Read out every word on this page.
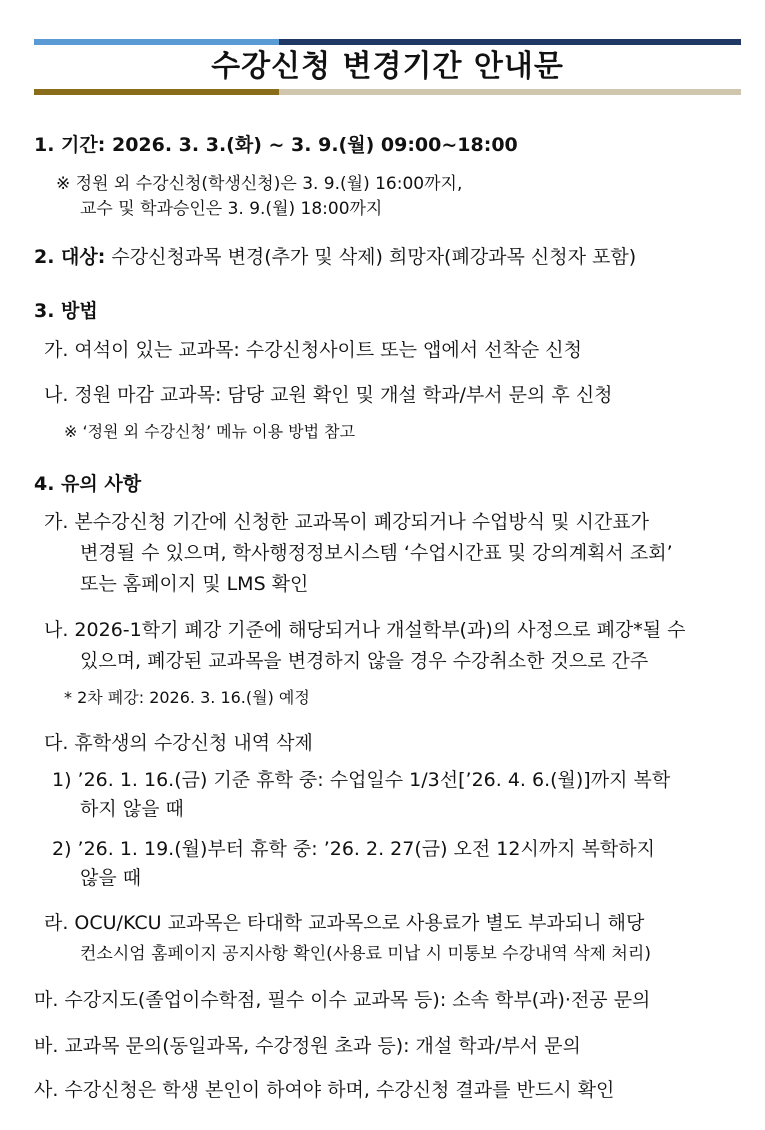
수강신청 변경기간 안내문
1. 기간: 2026. 3. 3.(화) ~ 3. 9.(월) 09:00~18:00
※ 정원 외 수강신청(학생신청)은 3. 9.(월) 16:00까지,
교수 및 학과승인은 3. 9.(월) 18:00까지
2. 대상: 수강신청과목 변경(추가 및 삭제) 희망자(폐강과목 신청자 포함)
3. 방법
가. 여석이 있는 교과목: 수강신청사이트 또는 앱에서 선착순 신청
나. 정원 마감 교과목: 담당 교원 확인 및 개설 학과/부서 문의 후 신청
※ ‘정원 외 수강신청’ 메뉴 이용 방법 참고
4. 유의 사항
가. 본수강신청 기간에 신청한 교과목이 폐강되거나 수업방식 및 시간표가
변경될 수 있으며, 학사행정정보시스템 ‘수업시간표 및 강의계획서 조회’
또는 홈페이지 및 LMS 확인
나. 2026-1학기 폐강 기준에 해당되거나 개설학부(과)의 사정으로 폐강*될 수
있으며, 폐강된 교과목을 변경하지 않을 경우 수강취소한 것으로 간주
* 2차 폐강: 2026. 3. 16.(월) 예정
다. 휴학생의 수강신청 내역 삭제
1) ’26. 1. 16.(금) 기준 휴학 중: 수업일수 1/3선[’26. 4. 6.(월)]까지 복학
하지 않을 때
2) ’26. 1. 19.(월)부터 휴학 중: ’26. 2. 27(금) 오전 12시까지 복학하지
않을 때
라. OCU/KCU 교과목은 타대학 교과목으로 사용료가 별도 부과되니 해당
컨소시엄 홈페이지 공지사항 확인(사용료 미납 시 미통보 수강내역 삭제 처리)
마. 수강지도(졸업이수학점, 필수 이수 교과목 등): 소속 학부(과)·전공 문의
바. 교과목 문의(동일과목, 수강정원 초과 등): 개설 학과/부서 문의
사. 수강신청은 학생 본인이 하여야 하며, 수강신청 결과를 반드시 확인
